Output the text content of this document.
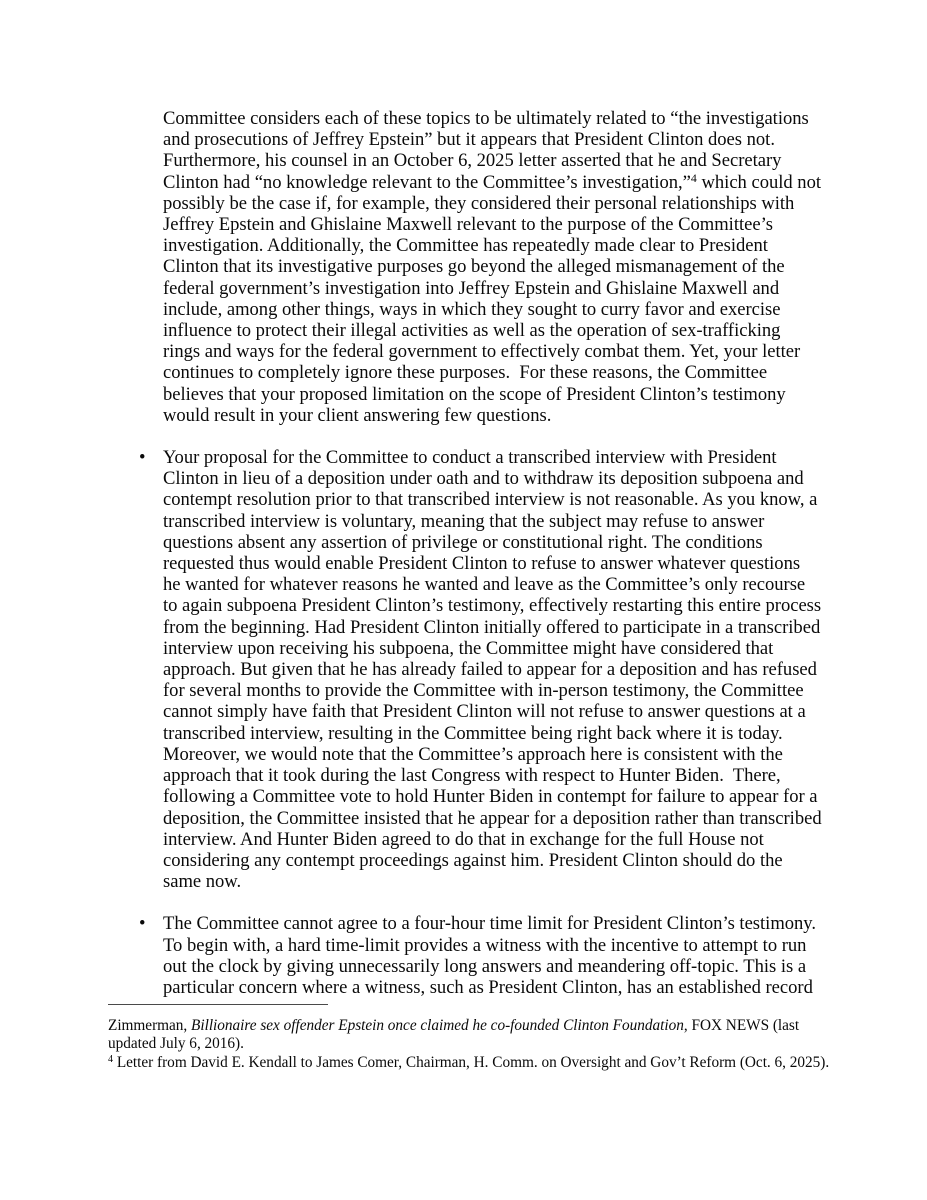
Committee considers each of these topics to be ultimately related to “the investigations and prosecutions of Jeffrey Epstein” but it appears that President Clinton does not. Furthermore, his counsel in an October 6, 2025 letter asserted that he and Secretary Clinton had “no knowledge relevant to the Committee’s investigation,”$^4$ which could not possibly be the case if, for example, they considered their personal relationships with Jeffrey Epstein and Ghislaine Maxwell relevant to the purpose of the Committee’s investigation. Additionally, the Committee has repeatedly made clear to President Clinton that its investigative purposes go beyond the alleged mismanagement of the federal government’s investigation into Jeffrey Epstein and Ghislaine Maxwell and include, among other things, ways in which they sought to curry favor and exercise influence to protect their illegal activities as well as the operation of sex-trafficking rings and ways for the federal government to effectively combat them. Yet, your letter continues to completely ignore these purposes.  For these reasons, the Committee believes that your proposed limitation on the scope of President Clinton’s testimony would result in your client answering few questions.

• Your proposal for the Committee to conduct a transcribed interview with President Clinton in lieu of a deposition under oath and to withdraw its deposition subpoena and contempt resolution prior to that transcribed interview is not reasonable. As you know, a transcribed interview is voluntary, meaning that the subject may refuse to answer questions absent any assertion of privilege or constitutional right. The conditions requested thus would enable President Clinton to refuse to answer whatever questions he wanted for whatever reasons he wanted and leave as the Committee’s only recourse to again subpoena President Clinton’s testimony, effectively restarting this entire process from the beginning. Had President Clinton initially offered to participate in a transcribed interview upon receiving his subpoena, the Committee might have considered that approach. But given that he has already failed to appear for a deposition and has refused for several months to provide the Committee with in-person testimony, the Committee cannot simply have faith that President Clinton will not refuse to answer questions at a transcribed interview, resulting in the Committee being right back where it is today. Moreover, we would note that the Committee’s approach here is consistent with the approach that it took during the last Congress with respect to Hunter Biden.  There, following a Committee vote to hold Hunter Biden in contempt for failure to appear for a deposition, the Committee insisted that he appear for a deposition rather than transcribed interview. And Hunter Biden agreed to do that in exchange for the full House not considering any contempt proceedings against him. President Clinton should do the same now.

• The Committee cannot agree to a four-hour time limit for President Clinton’s testimony. To begin with, a hard time-limit provides a witness with the incentive to attempt to run out the clock by giving unnecessarily long answers and meandering off-topic. This is a particular concern where a witness, such as President Clinton, has an established record

Zimmerman, Billionaire sex offender Epstein once claimed he co-founded Clinton Foundation, FOX NEWS (last updated July 6, 2016).

$^4$ Letter from David E. Kendall to James Comer, Chairman, H. Comm. on Oversight and Gov’t Reform (Oct. 6, 2025).
